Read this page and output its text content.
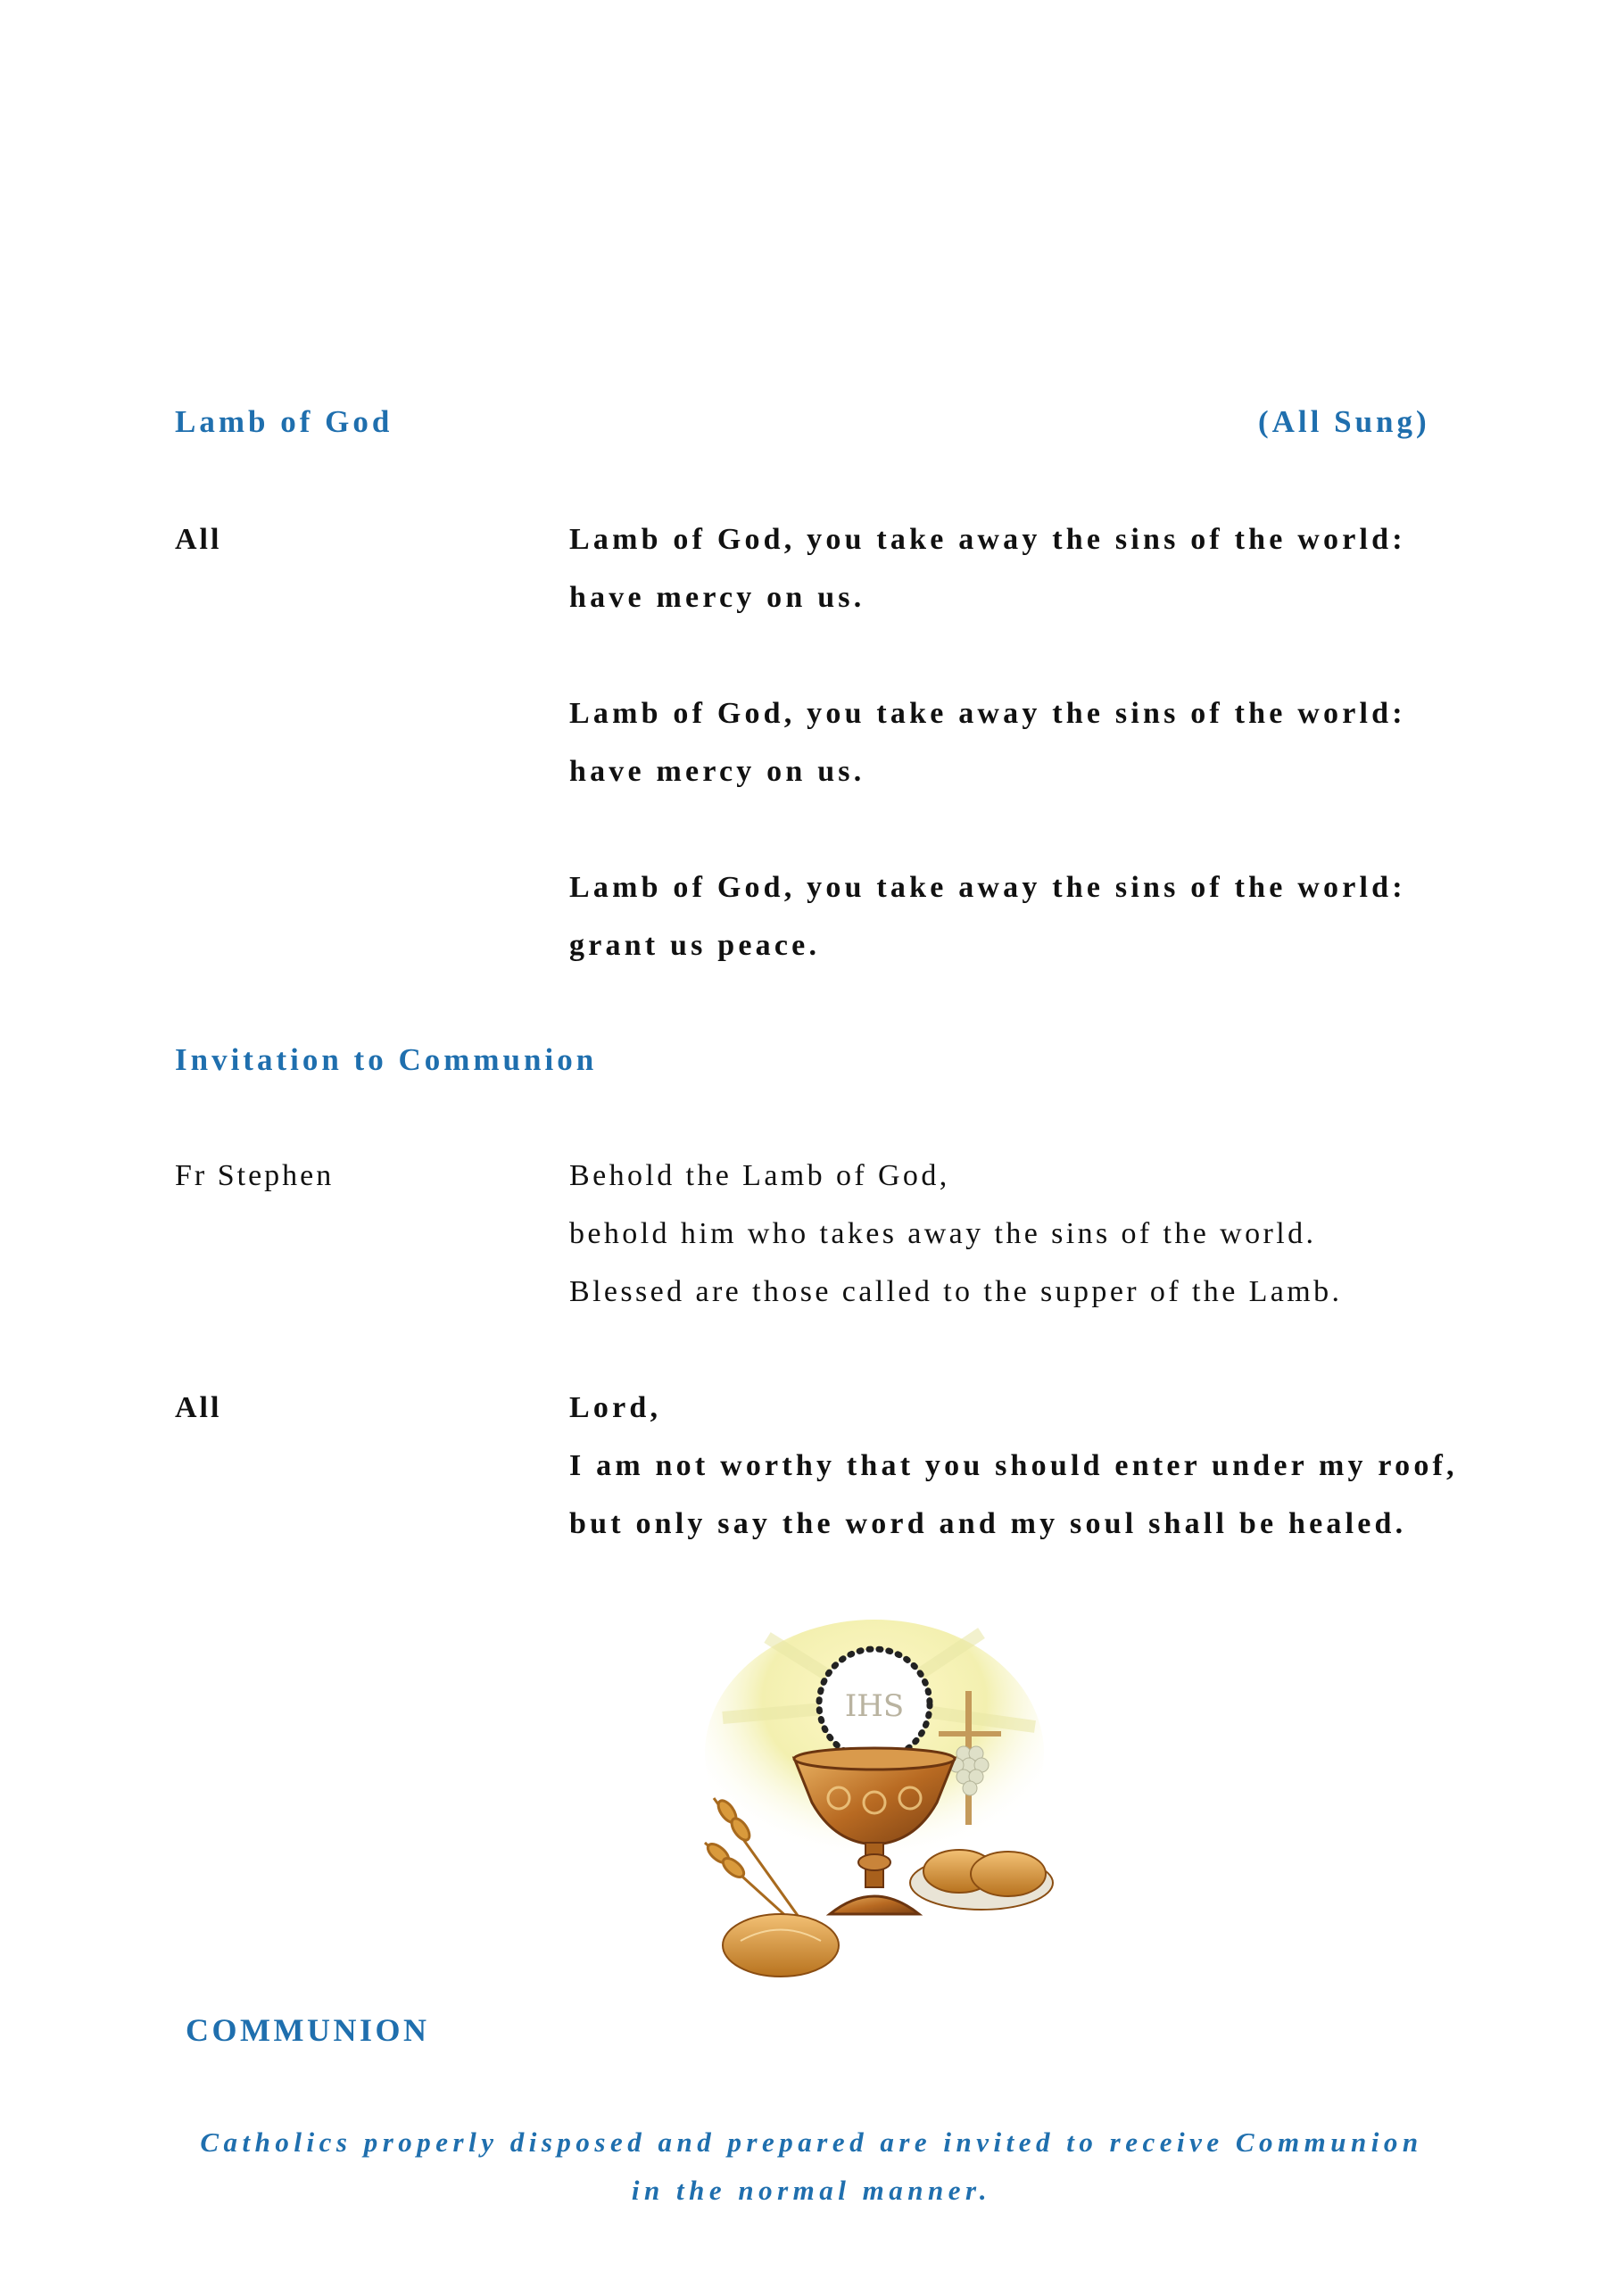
Lamb of God	(All Sung)
All	Lamb of God, you take away the sins of the world:
have mercy on us.
Lamb of God, you take away the sins of the world:
have mercy on us.
Lamb of God, you take away the sins of the world:
grant us peace.
Invitation to Communion
Fr Stephen	Behold the Lamb of God,
behold him who takes away the sins of the world.
Blessed are those called to the supper of the Lamb.
All	Lord,
I am not worthy that you should enter under my roof,
but only say the word and my soul shall be healed.
IHS
COMMUNION
Catholics properly disposed and prepared are invited to receive Communion
in the normal manner.
